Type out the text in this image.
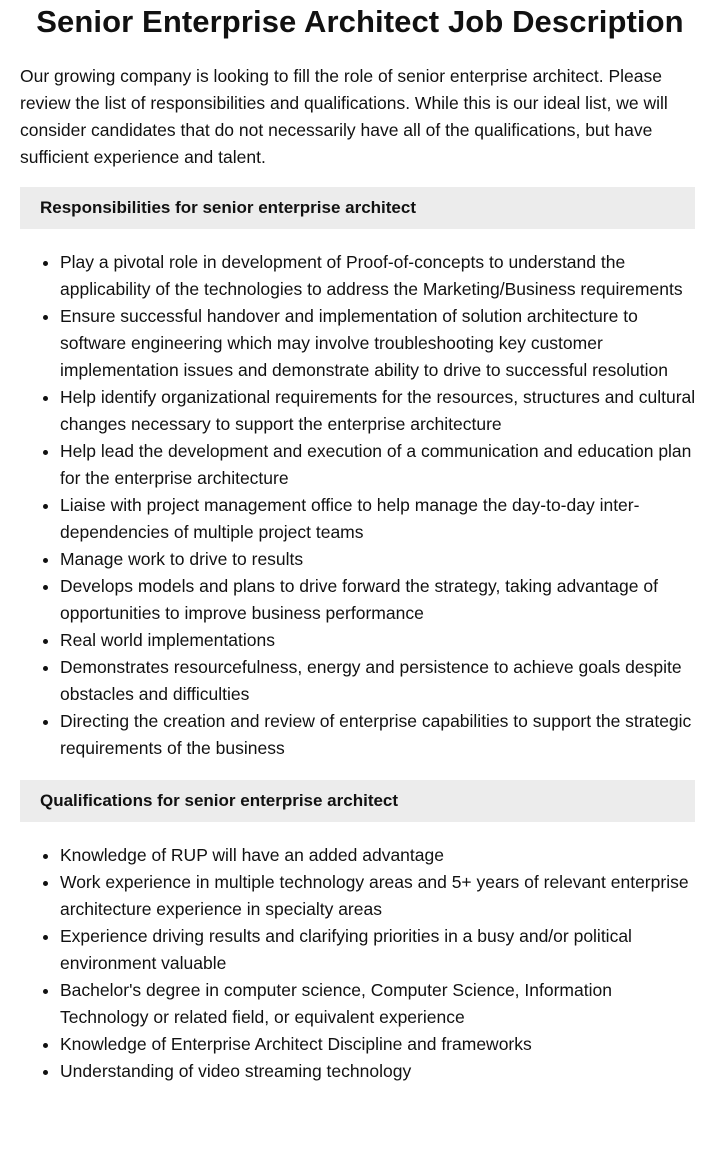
Senior Enterprise Architect Job Description

Our growing company is looking to fill the role of senior enterprise architect. Please review the list of responsibilities and qualifications. While this is our ideal list, we will consider candidates that do not necessarily have all of the qualifications, but have sufficient experience and talent.

Responsibilities for senior enterprise architect
• Play a pivotal role in development of Proof-of-concepts to understand the applicability of the technologies to address the Marketing/Business requirements
• Ensure successful handover and implementation of solution architecture to software engineering which may involve troubleshooting key customer implementation issues and demonstrate ability to drive to successful resolution
• Help identify organizational requirements for the resources, structures and cultural changes necessary to support the enterprise architecture
• Help lead the development and execution of a communication and education plan for the enterprise architecture
• Liaise with project management office to help manage the day-to-day inter-dependencies of multiple project teams
• Manage work to drive to results
• Develops models and plans to drive forward the strategy, taking advantage of opportunities to improve business performance
• Real world implementations
• Demonstrates resourcefulness, energy and persistence to achieve goals despite obstacles and difficulties
• Directing the creation and review of enterprise capabilities to support the strategic requirements of the business
Qualifications for senior enterprise architect
• Knowledge of RUP will have an added advantage
• Work experience in multiple technology areas and 5+ years of relevant enterprise architecture experience in specialty areas
• Experience driving results and clarifying priorities in a busy and/or political environment valuable
• Bachelor's degree in computer science, Computer Science, Information Technology or related field, or equivalent experience
• Knowledge of Enterprise Architect Discipline and frameworks
• Understanding of video streaming technology
